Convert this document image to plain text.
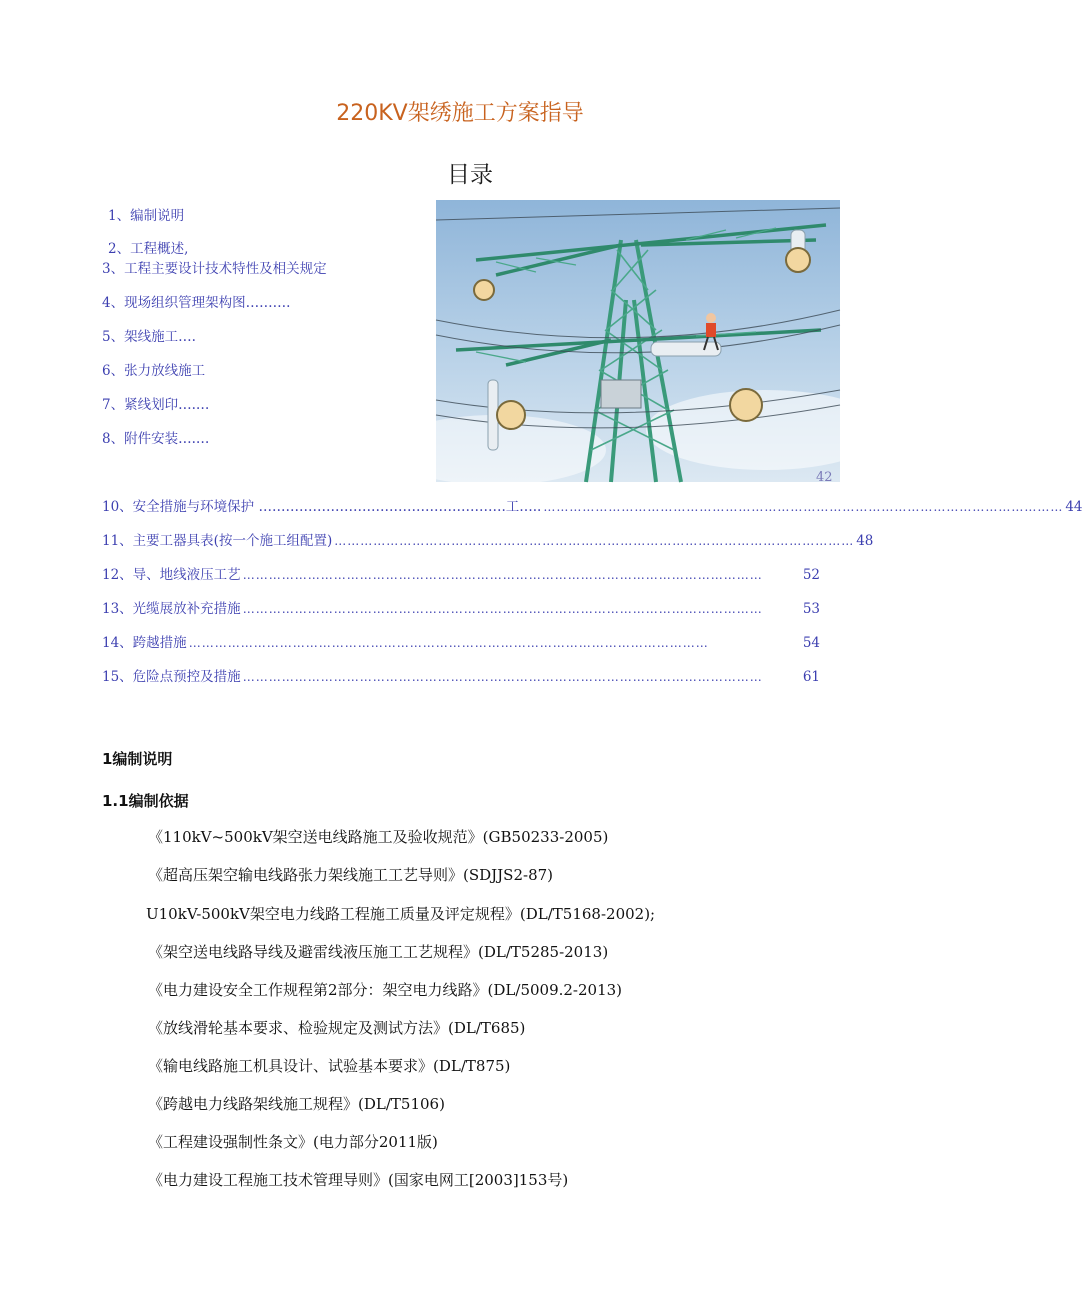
220KV架绣施工方案指导
目录
1、编制说明
2、工程概述,
3、工程主要设计技术特性及相关规定
4、现场组织管理架构图……….
5、架线施工….
6、张力放线施工
7、紧线划印….…
8、附件安装….…
42
10、安全措施与环境保护 ……………………………………………….工….. ………………………………………………………………………………………………………… 44
11、主要工器具表(按一个施工组配置) ………………………………………………………………………………………………………… 48
12、导、地线液压工艺 …………………………………………………………………………………………………………	52
13、光缆展放补充措施 …………………………………………………………………………………………………………	53
14、跨越措施 …………………………………………………………………………………………………………	54
15、危险点预控及措施 …………………………………………………………………………………………………………	61
1编制说明
1.1编制依据
《110kV~500kV架空送电线路施工及验收规范》(GB50233-2005)
《超高压架空输电线路张力架线施工工艺导则》(SDJJS2-87)
U10kV-500kV架空电力线路工程施工质量及评定规程》(DL/T5168-2002);
《架空送电线路导线及避雷线液压施工工艺规程》(DL/T5285-2013)
《电力建设安全工作规程第2部分：架空电力线路》(DL/5009.2-2013)
《放线滑轮基本要求、检验规定及测试方法》(DL/T685)
《输电线路施工机具设计、试验基本要求》(DL/T875)
《跨越电力线路架线施工规程》(DL/T5106)
《工程建设强制性条文》(电力部分2011版)
《电力建设工程施工技术管理导则》(国家电网工[2003]153号)
